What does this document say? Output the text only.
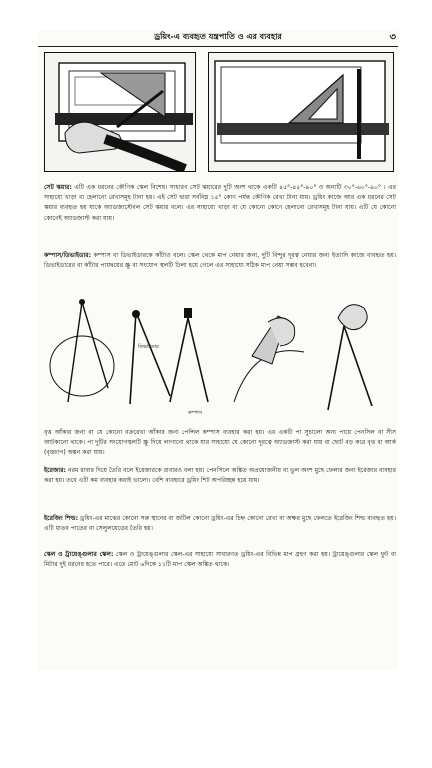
ড্রয়িং-এ ব্যবহৃত যন্ত্রপাতি ও এর ব্যবহার	৩
সেট স্কয়ার: এটি এক ধরনের কৌণিক স্কেল বিশেষ। সাধারণ সেট স্কয়ারের দুটি অংশ থাকে একটি ৪৫°-৪৫°-৯০° ও অন্যটি ৩০°-৬০°-৯০° । এর সাহায্যে খাড়া বা হেলানো রেখাসমূহ টানা হয়। এই সেট দ্বারা সর্বনিম্ন ১৫° কোণ পর্যন্ত কৌণিক রেখা টানা যায়। ড্রয়িং কাজে আর এক ধরনের সেট স্কয়ার ব্যবহৃত হয় যাকে অ্যাডজাস্টেবল সেট স্কয়ার বলে। এর সাহায্যে খাড়া বা যে কোনো কোণে হেলানো রেখাসমূহ টানা যায়। এটি যে কোনো কোণেই অ্যাডজাস্ট করা যায়।
কম্পাস/ডিভাইডার: কম্পাস বা ডিভাইডারকে কাঁটাও বলে। স্কেল থেকে মাপ নেয়ার জন্য, দুটি বিন্দুর দূরত্ব নেয়ার জন্য ইত্যাদি কাজে ব্যবহৃত হয়। ডিভাইডারের বা কাঁটার পায়দ্বয়ের স্ক্রু বা সংযোগ স্থলটি ঢিলা হয়ে গেলে এর সাহায্যে সঠিক মাপ নেয়া সম্ভব হবেনা।
ডিভাইডার
কম্পাস
বৃত্ত আঁকার জন্য বা যে কোনো বক্ররেখা আঁকার জন্য পেন্সিল কম্পাস ব্যবহার করা হয়। এর একটি পা সুচালো অন্য পায়ে পেনসিল বা সীস আটকানো থাকে। পা দুটির সংযোগস্থলটি স্ক্রু দিয়ে লাগানো থাকে যার সাহায্যে যে কোনো দূরত্বে অ্যাডজাস্ট করা যায় বা ছোট বড় করে বৃত্ত বা আর্ক (বৃত্তচাপ) অঙ্কন করা যায়।
ইরেজার: নরম রাবার দিয়ে তৈরি বলে ইরেজারকে রাবারও বলা হয়। পেনসিলে অঙ্কিত অপ্রয়োজনীয় বা ভুল অংশ মুছে ফেলার জন্য ইরেজার ব্যবহার করা হয়। তবে এটি কম ব্যবহার করাই ভালো। বেশি ব্যবহারে ড্রয়িং শিট অপরিচ্ছন্ন হয়ে যায়।
ইরেজিং শিল্ড: ড্রয়িং-এর মাঝের কোনো সরু স্থানের বা জটিল কোনো ড্রয়িং-এর চিহ্ন কোনো রেখা বা অক্ষর মুছে ফেলতে ইরেজিং শিল্ড ব্যবহৃত হয়। এটি ধাতব পাতের বা সেলুলয়েডের তৈরি হয়।
স্কেল ও ট্রায়েঙ্গুলার স্কেল: স্কেল ও ট্রায়েঙ্গুলার স্কেল-এর সাহায্যে সাধারণত ড্রয়িং-এর বিভিন্ন মাপ গ্রহণ করা হয়। ট্রায়েঙ্গুলার স্কেল ফুট বা মিটার দুই ধরনের হতে পারে। এতে মোট ৬দিকে ১১টি মাপ স্কেল অঙ্কিত থাকে।
